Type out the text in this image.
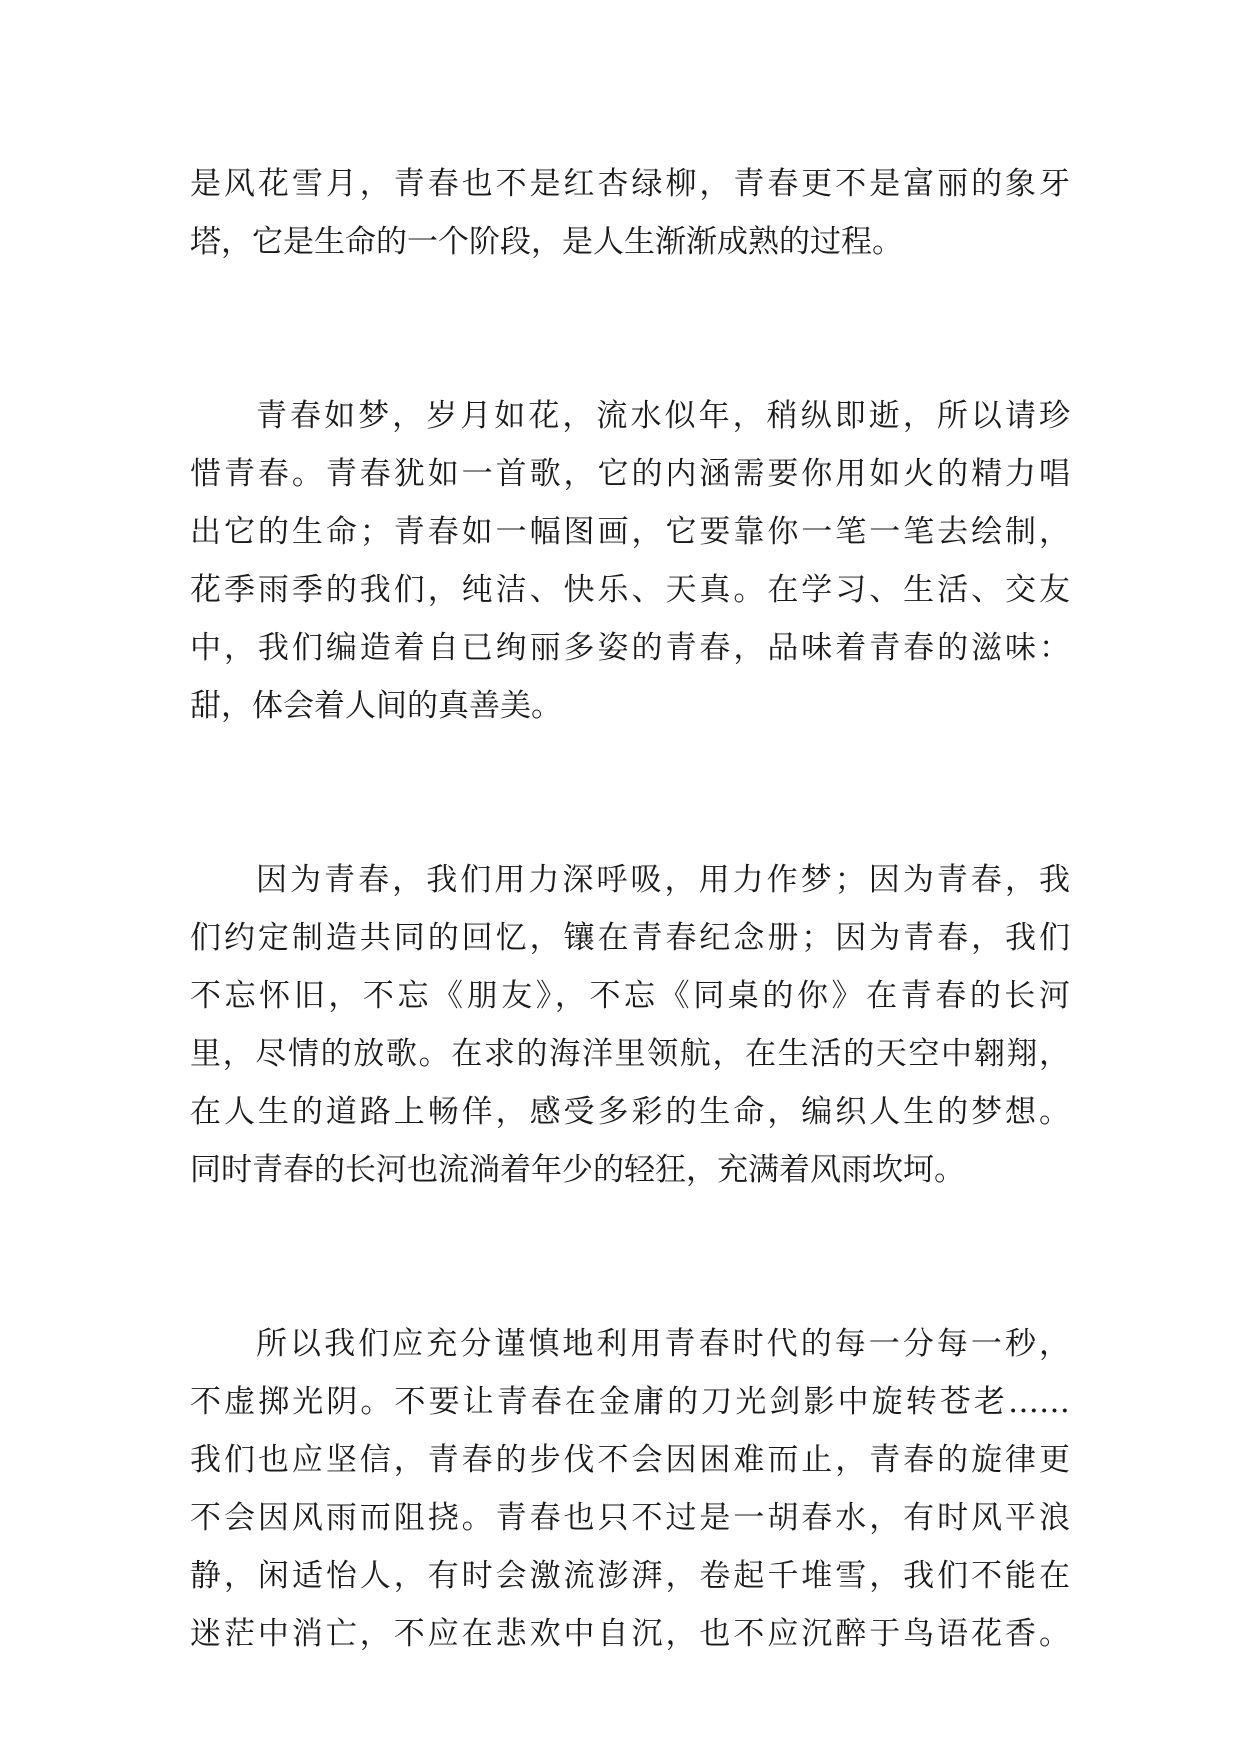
是风花雪月，青春也不是红杏绿柳，青春更不是富丽的象牙
塔，它是生命的一个阶段，是人生渐渐成熟的过程。
青春如梦，岁月如花，流水似年，稍纵即逝，所以请珍
惜青春。青春犹如一首歌，它的内涵需要你用如火的精力唱
出它的生命；青春如一幅图画，它要靠你一笔一笔去绘制，
花季雨季的我们，纯洁、快乐、天真。在学习、生活、交友
中，我们编造着自已绚丽多姿的青春，品味着青春的滋味：
甜，体会着人间的真善美。
因为青春，我们用力深呼吸，用力作梦；因为青春，我
们约定制造共同的回忆，镶在青春纪念册；因为青春，我们
不忘怀旧，不忘《朋友》，不忘《同桌的你》在青春的长河
里，尽情的放歌。在求的海洋里领航，在生活的天空中翱翔，
在人生的道路上畅佯，感受多彩的生命，编织人生的梦想。
同时青春的长河也流淌着年少的轻狂，充满着风雨坎坷。
所以我们应充分谨慎地利用青春时代的每一分每一秒，
不虚掷光阴。不要让青春在金庸的刀光剑影中旋转苍老……
我们也应坚信，青春的步伐不会因困难而止，青春的旋律更
不会因风雨而阻挠。青春也只不过是一胡春水，有时风平浪
静，闲适怡人，有时会激流澎湃，卷起千堆雪，我们不能在
迷茫中消亡，不应在悲欢中自沉，也不应沉醉于鸟语花香。
